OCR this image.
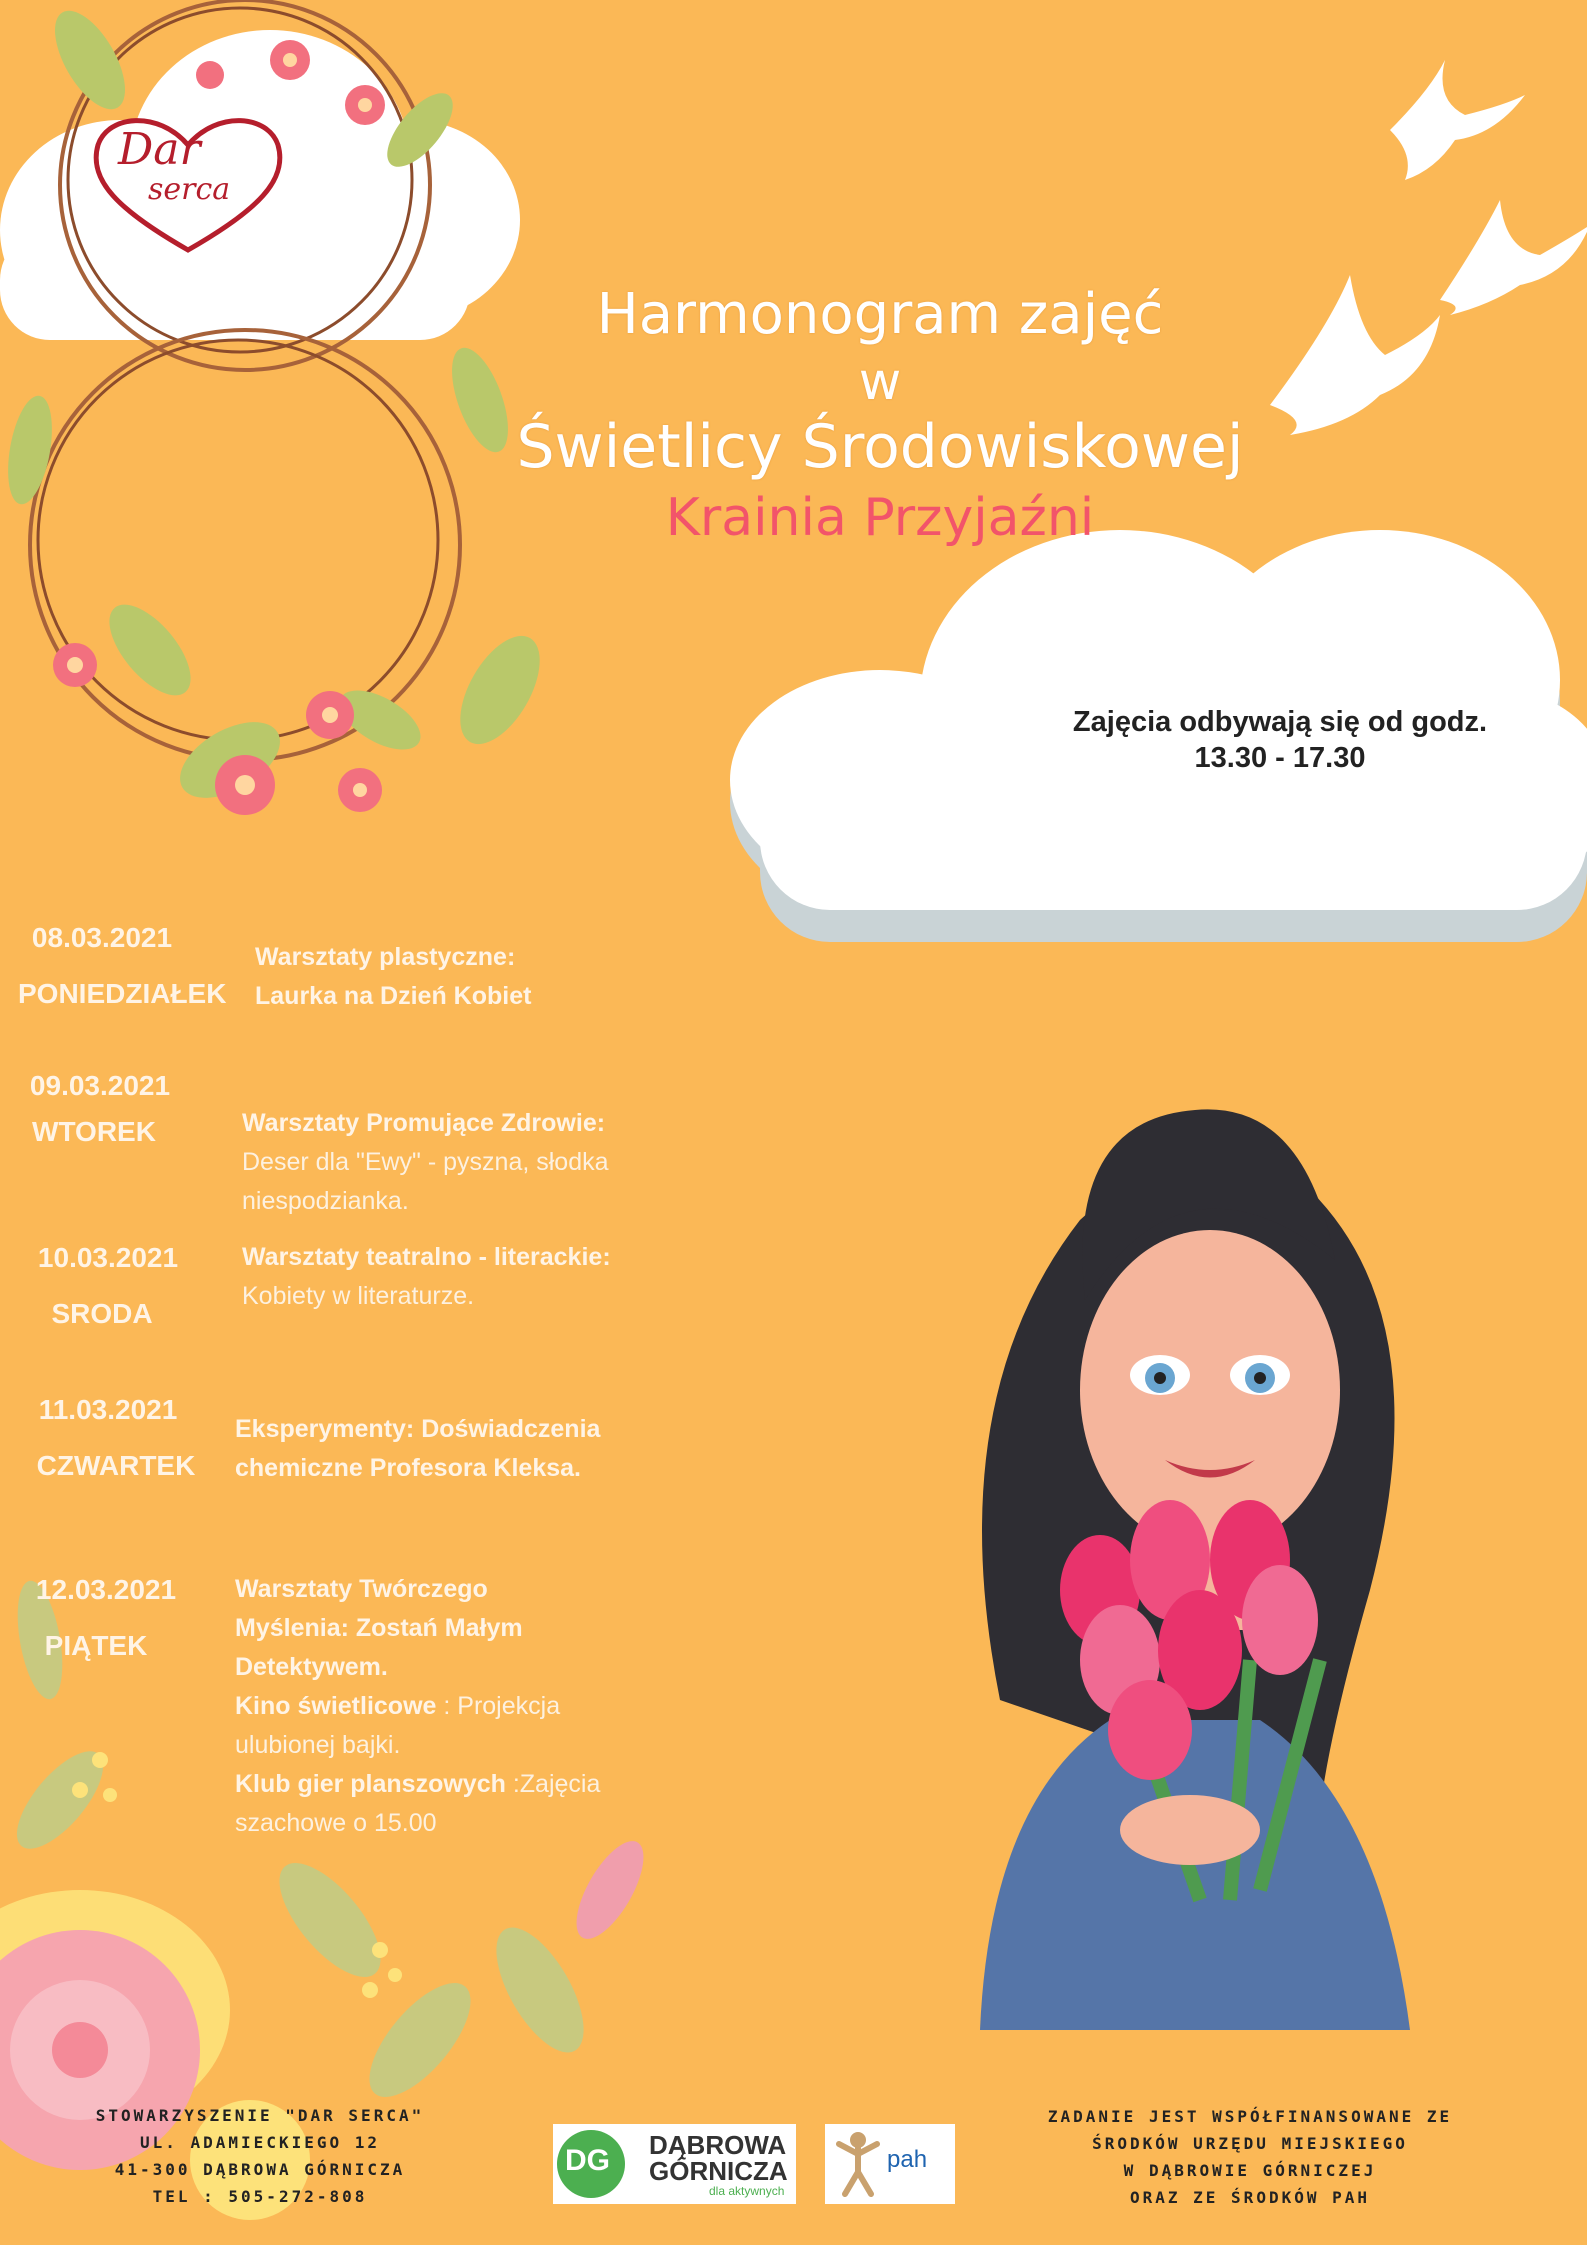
Dar
serca
Harmonogram zajęć
w
Świetlicy Środowiskowej
Krainia Przyjaźni
Zajęcia odbywają się od godz.
13.30 - 17.30
08.03.2021
PONIEDZIAŁEK
Warsztaty plastyczne:
Laurka na Dzień Kobiet
09.03.2021
WTOREK	Warsztaty Promujące Zdrowie:
Deser dla "Ewy" - pyszna, słodka
niespodzianka.
10.03.2021
SRODA
Warsztaty teatralno - literackie:
Kobiety w literaturze.
11.03.2021
CZWARTEK
Eksperymenty: Doświadczenia
chemiczne Profesora Kleksa.
12.03.2021
PIĄTEK
Warsztaty Twórczego
Myślenia: Zostań Małym
Detektywem.
Kino świetlicowe : Projekcja
ulubionej bajki.
Klub gier planszowych :Zajęcia
szachowe o 15.00
STOWARZYSZENIE "DAR SERCA"
UL. ADAMIECKIEGO 12
41-300 DĄBROWA GÓRNICZA
TEL : 505-272-808
DG DĄBROWA
GÓRNICZA
dla aktywnych
pah
ZADANIE JEST WSPÓŁFINANSOWANE ZE
ŚRODKÓW URZĘDU MIEJSKIEGO
W DĄBROWIE GÓRNICZEJ
ORAZ ZE ŚRODKÓW PAH
